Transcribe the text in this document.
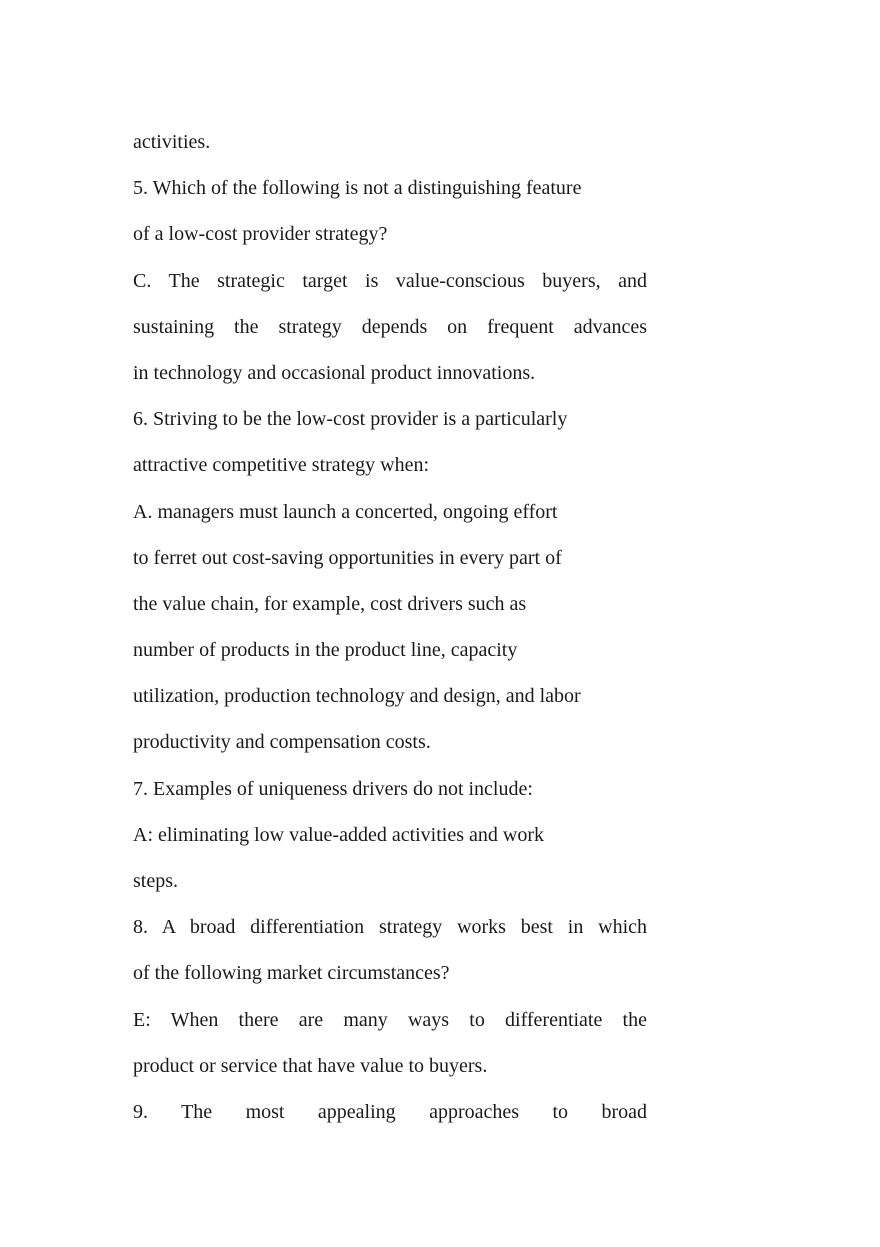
activities.
5. Which of the following is not a distinguishing feature
of a low-cost provider strategy?
C. The strategic target is value-conscious buyers, and
sustaining the strategy depends on frequent advances
in technology and occasional product innovations.
6. Striving to be the low-cost provider is a particularly
attractive competitive strategy when:
A. managers must launch a concerted, ongoing effort
to ferret out cost-saving opportunities in every part of
the value chain, for example, cost drivers such as
number of products in the product line, capacity
utilization, production technology and design, and labor
productivity and compensation costs.
7. Examples of uniqueness drivers do not include:
A: eliminating low value-added activities and work
steps.
8. A broad differentiation strategy works best in which
of the following market circumstances?
E: When there are many ways to differentiate the
product or service that have value to buyers.
9. The most appealing approaches to broad
